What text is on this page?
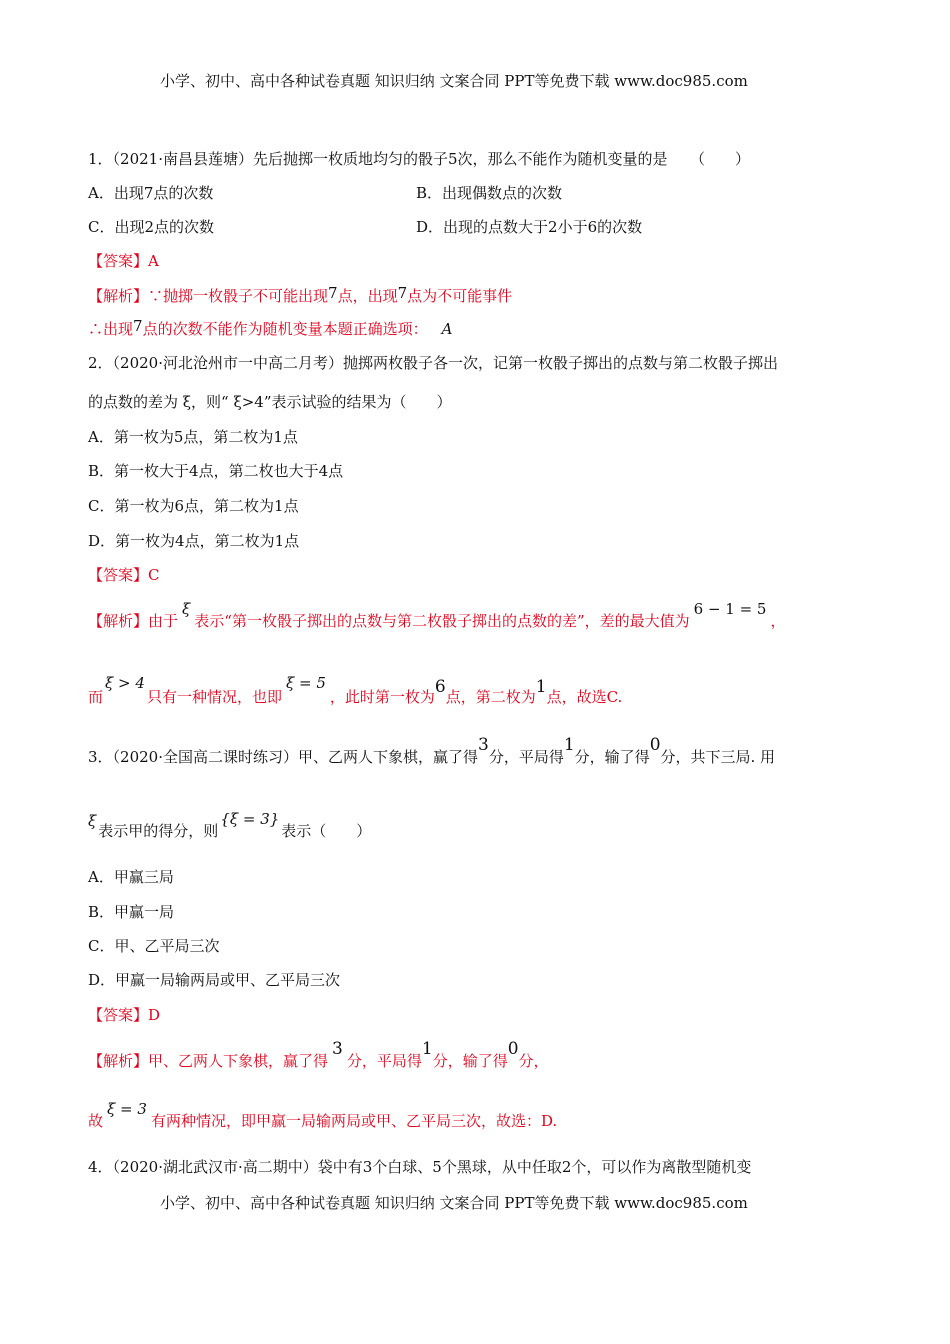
小学、初中、高中各种试卷真题 知识归纳 文案合同 PPT等免费下载 www.doc985.com
1．（2021·南昌县莲塘）先后抛掷一枚质地均匀的骰子5次，那么不能作为随机变量的是　　（　　）
A．出现7点的次数	B．出现偶数点的次数
C．出现2点的次数	D．出现的点数大于2小于6的次数
【答案】A
【解析】∵抛掷一枚骰子不可能出现7点，出现7点为不可能事件
∴出现7点的次数不能作为随机变量本题正确选项： A
2．（2020·河北沧州市一中高二月考）抛掷两枚骰子各一次，记第一枚骰子掷出的点数与第二枚骰子掷出
的点数的差为 ξ，则“ ξ>4”表示试验的结果为（　　）
A．第一枚为5点，第二枚为1点
B．第一枚大于4点，第二枚也大于4点
C．第一枚为6点，第二枚为1点
D．第一枚为4点，第二枚为1点
【答案】C
【解析】由于ξ表示“第一枚骰子掷出的点数与第二枚骰子掷出的点数的差”，差的最大值为6 − 1 = 5，
而ξ > 4只有一种情况，也即ξ = 5，此时第一枚为6点，第二枚为1点，故选C.
3．（2020·全国高二课时练习）甲、乙两人下象棋，赢了得3分，平局得1分，输了得0分，共下三局. 用
ξ表示甲的得分，则{ξ = 3}表示（　　）
A．甲赢三局
B．甲赢一局
C．甲、乙平局三次
D．甲赢一局输两局或甲、乙平局三次
【答案】D
【解析】甲、乙两人下象棋，赢了得3分，平局得1分，输了得0分，
故ξ = 3有两种情况，即甲赢一局输两局或甲、乙平局三次，故选：D.
4．（2020·湖北武汉市·高二期中）袋中有3个白球、5个黑球，从中任取2个，可以作为离散型随机变
小学、初中、高中各种试卷真题 知识归纳 文案合同 PPT等免费下载 www.doc985.com
